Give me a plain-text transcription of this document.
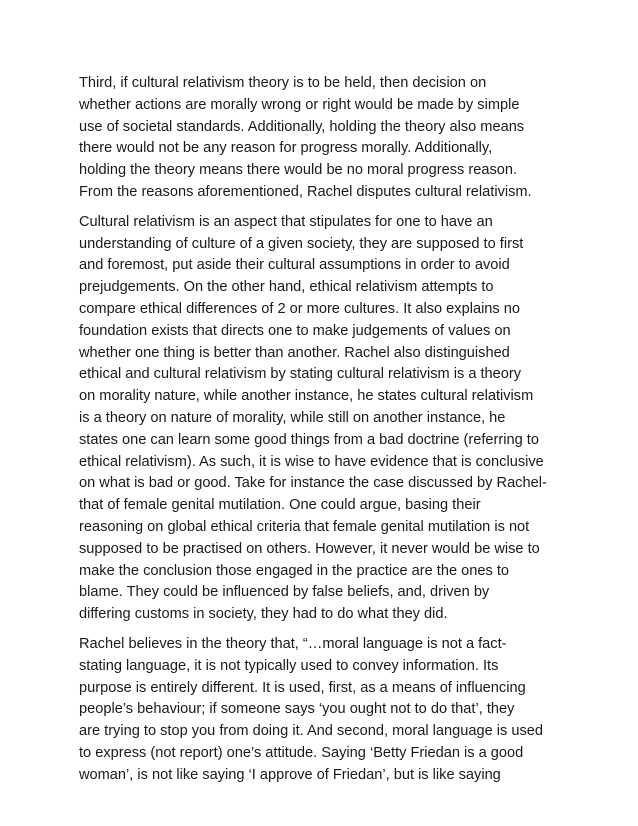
Third, if cultural relativism theory is to be held, then decision on
whether actions are morally wrong or right would be made by simple
use of societal standards. Additionally, holding the theory also means
there would not be any reason for progress morally. Additionally,
holding the theory means there would be no moral progress reason.
From the reasons aforementioned, Rachel disputes cultural relativism.

Cultural relativism is an aspect that stipulates for one to have an
understanding of culture of a given society, they are supposed to first
and foremost, put aside their cultural assumptions in order to avoid
prejudgements. On the other hand, ethical relativism attempts to
compare ethical differences of 2 or more cultures. It also explains no
foundation exists that directs one to make judgements of values on
whether one thing is better than another. Rachel also distinguished
ethical and cultural relativism by stating cultural relativism is a theory
on morality nature, while another instance, he states cultural relativism
is a theory on nature of morality, while still on another instance, he
states one can learn some good things from a bad doctrine (referring to
ethical relativism). As such, it is wise to have evidence that is conclusive
on what is bad or good. Take for instance the case discussed by Rachel-
that of female genital mutilation. One could argue, basing their
reasoning on global ethical criteria that female genital mutilation is not
supposed to be practised on others. However, it never would be wise to
make the conclusion those engaged in the practice are the ones to
blame. They could be influenced by false beliefs, and, driven by
differing customs in society, they had to do what they did.

Rachel believes in the theory that, “…moral language is not a fact-
stating language, it is not typically used to convey information. Its
purpose is entirely different. It is used, first, as a means of influencing
people’s behaviour; if someone says ‘you ought not to do that’, they
are trying to stop you from doing it. And second, moral language is used
to express (not report) one’s attitude. Saying ‘Betty Friedan is a good
woman’, is not like saying ‘I approve of Friedan’, but is like saying
